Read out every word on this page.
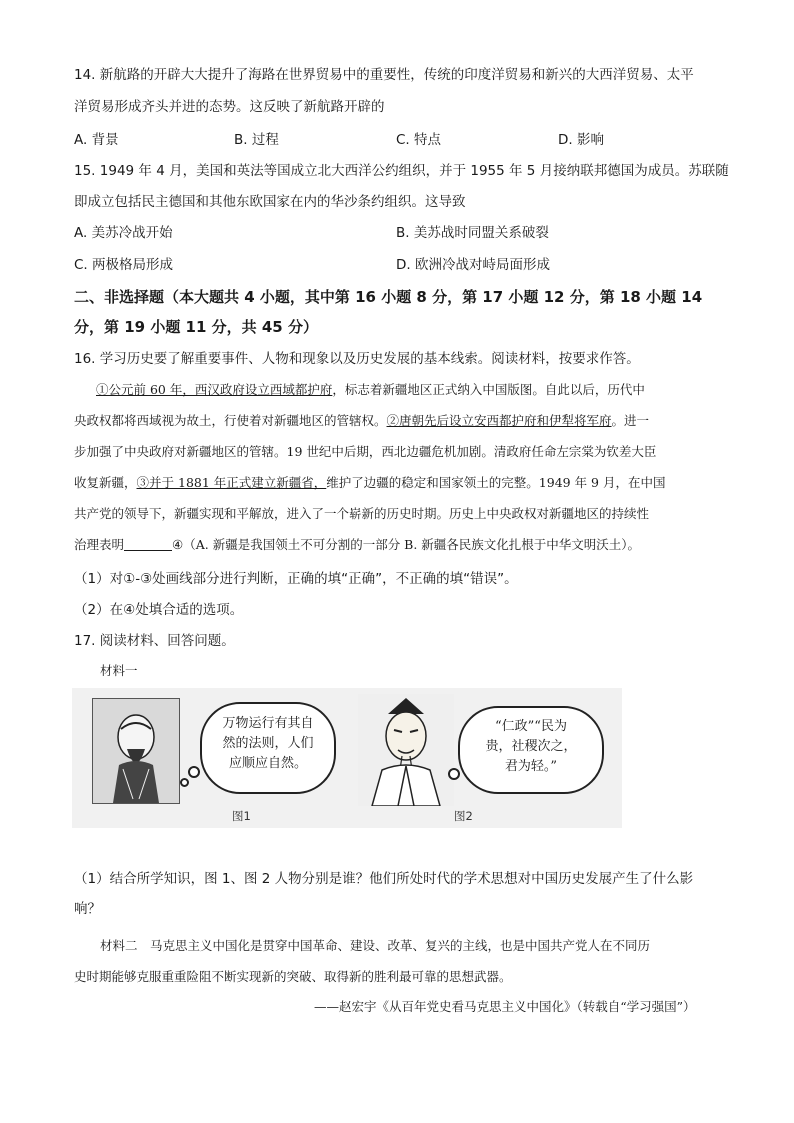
14. 新航路的开辟大大提升了海路在世界贸易中的重要性，传统的印度洋贸易和新兴的大西洋贸易、太平
洋贸易形成齐头并进的态势。这反映了新航路开辟的
A. 背景	B. 过程	C. 特点	D. 影响
15. 1949 年 4 月，美国和英法等国成立北大西洋公约组织，并于 1955 年 5 月接纳联邦德国为成员。苏联随
即成立包括民主德国和其他东欧国家在内的华沙条约组织。这导致
A. 美苏冷战开始	B. 美苏战时同盟关系破裂
C. 两极格局形成	D. 欧洲冷战对峙局面形成
二、非选择题（本大题共 4 小题，其中第 16 小题 8 分，第 17 小题 12 分，第 18 小题 14
分，第 19 小题 11 分，共 45 分）
16. 学习历史要了解重要事件、人物和现象以及历史发展的基本线索。阅读材料，按要求作答。
①公元前 60 年，西汉政府设立西域都护府，标志着新疆地区正式纳入中国版图。自此以后，历代中
央政权都将西域视为故土，行使着对新疆地区的管辖权。②唐朝先后设立安西都护府和伊犁将军府。进一
步加强了中央政府对新疆地区的管辖。19 世纪中后期，西北边疆危机加剧。清政府任命左宗棠为钦差大臣
收复新疆，③并于 1881 年正式建立新疆省，维护了边疆的稳定和国家领土的完整。1949 年 9 月，在中国
共产党的领导下，新疆实现和平解放，进入了一个崭新的历史时期。历史上中央政权对新疆地区的持续性
治理表明	④（A. 新疆是我国领土不可分割的一部分 B. 新疆各民族文化扎根于中华文明沃土）。
（1）对①-③处画线部分进行判断，正确的填“正确”，不正确的填“错误”。
（2）在④处填合适的选项。
17. 阅读材料、回答问题。
材料一
万物运行有其自
然的法则，人们
应顺应自然。
“仁政”“民为
贵，社稷次之，
君为轻。”
图1	图2
（1）结合所学知识，图 1、图 2 人物分别是谁？他们所处时代的学术思想对中国历史发展产生了什么影
响？
材料二　马克思主义中国化是贯穿中国革命、建设、改革、复兴的主线，也是中国共产党人在不同历
史时期能够克服重重险阻不断实现新的突破、取得新的胜利最可靠的思想武器。
——赵宏宇《从百年党史看马克思主义中国化》（转载自“学习强国”）
